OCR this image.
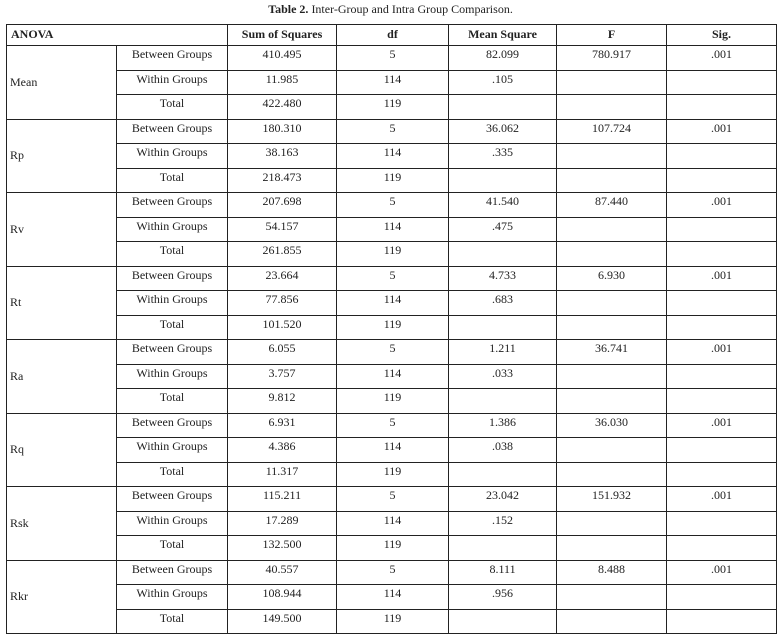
Table 2. Inter-Group and Intra Group Comparison.
ANOVA		Sum of Squares	df	Mean Square	F	Sig.
Mean	Between Groups	410.495	5	82.099	780.917	.001
	Within Groups	11.985	114	.105		
	Total	422.480	119			
Rp	Between Groups	180.310	5	36.062	107.724	.001
	Within Groups	38.163	114	.335		
	Total	218.473	119			
Rv	Between Groups	207.698	5	41.540	87.440	.001
	Within Groups	54.157	114	.475		
	Total	261.855	119			
Rt	Between Groups	23.664	5	4.733	6.930	.001
	Within Groups	77.856	114	.683		
	Total	101.520	119			
Ra	Between Groups	6.055	5	1.211	36.741	.001
	Within Groups	3.757	114	.033		
	Total	9.812	119			
Rq	Between Groups	6.931	5	1.386	36.030	.001
	Within Groups	4.386	114	.038		
	Total	11.317	119			
Rsk	Between Groups	115.211	5	23.042	151.932	.001
	Within Groups	17.289	114	.152		
	Total	132.500	119			
Rkr	Between Groups	40.557	5	8.111	8.488	.001
	Within Groups	108.944	114	.956		
	Total	149.500	119			
